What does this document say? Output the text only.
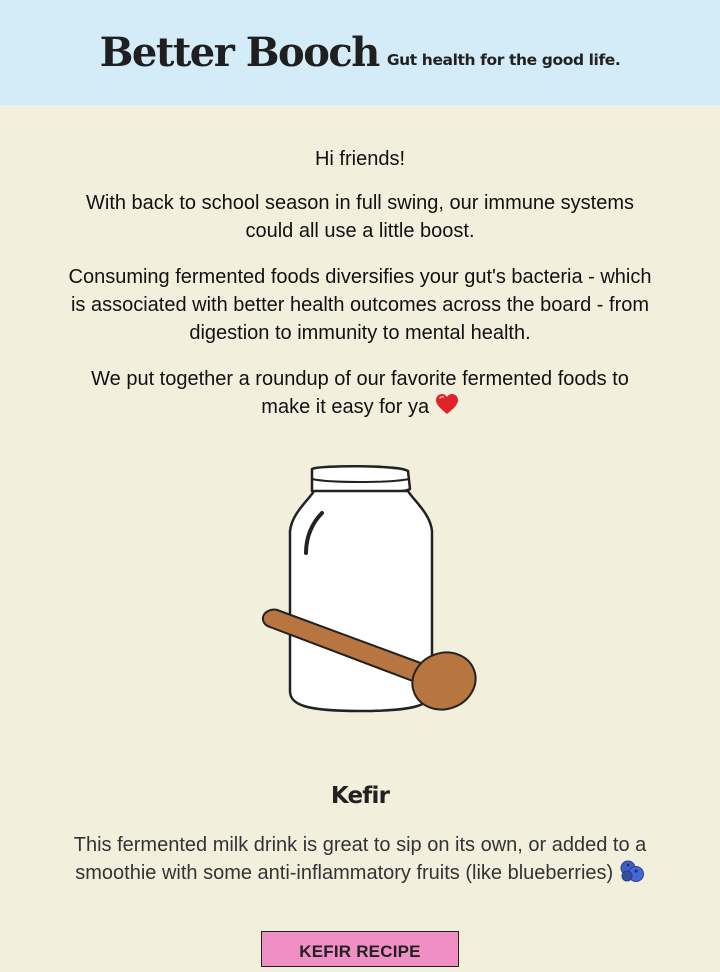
Better Booch Gut health for the good life.
Hi friends!
With back to school season in full swing, our immune systems could all use a little boost.
Consuming fermented foods diversifies your gut's bacteria - which is associated with better health outcomes across the board - from digestion to immunity to mental health.
We put together a roundup of our favorite fermented foods to make it easy for ya
Kefir
This fermented milk drink is great to sip on its own, or added to a smoothie with some anti-inflammatory fruits (like blueberries)
KEFIR RECIPE
